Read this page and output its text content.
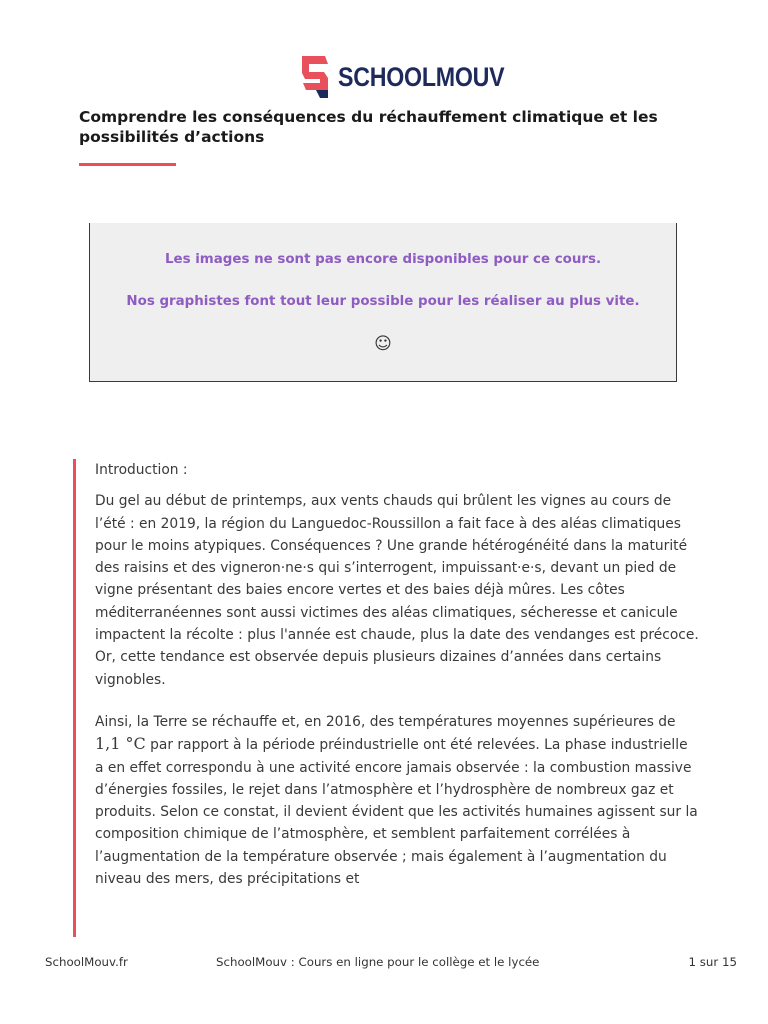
SCHOOLMOUV
Comprendre les conséquences du réchauffement climatique et les possibilités d’actions
Les images ne sont pas encore disponibles pour ce cours.
Nos graphistes font tout leur possible pour les réaliser au plus vite.
☺

Introduction :

Du gel au début de printemps, aux vents chauds qui brûlent les vignes au cours de l’été : en 2019, la région du Languedoc-Roussillon a fait face à des aléas climatiques pour le moins atypiques. Conséquences ? Une grande hétérogénéité dans la maturité des raisins et des vigneron·ne·s qui s’interrogent, impuissant·e·s, devant un pied de vigne présentant des baies encore vertes et des baies déjà mûres. Les côtes méditerranéennes sont aussi victimes des aléas climatiques, sécheresse et canicule impactent la récolte : plus l'année est chaude, plus la date des vendanges est précoce. Or, cette tendance est observée depuis plusieurs dizaines d’années dans certains vignobles.

Ainsi, la Terre se réchauffe et, en 2016, des températures moyennes supérieures de 1,1 °C par rapport à la période préindustrielle ont été relevées. La phase industrielle a en effet correspondu à une activité encore jamais observée : la combustion massive d’énergies fossiles, le rejet dans l’atmosphère et l’hydrosphère de nombreux gaz et produits. Selon ce constat, il devient évident que les activités humaines agissent sur la composition chimique de l’atmosphère, et semblent parfaitement corrélées à l’augmentation de la température observée ; mais également à l’augmentation du niveau des mers, des précipitations et

SchoolMouv.fr	SchoolMouv : Cours en ligne pour le collège et le lycée	1 sur 15
